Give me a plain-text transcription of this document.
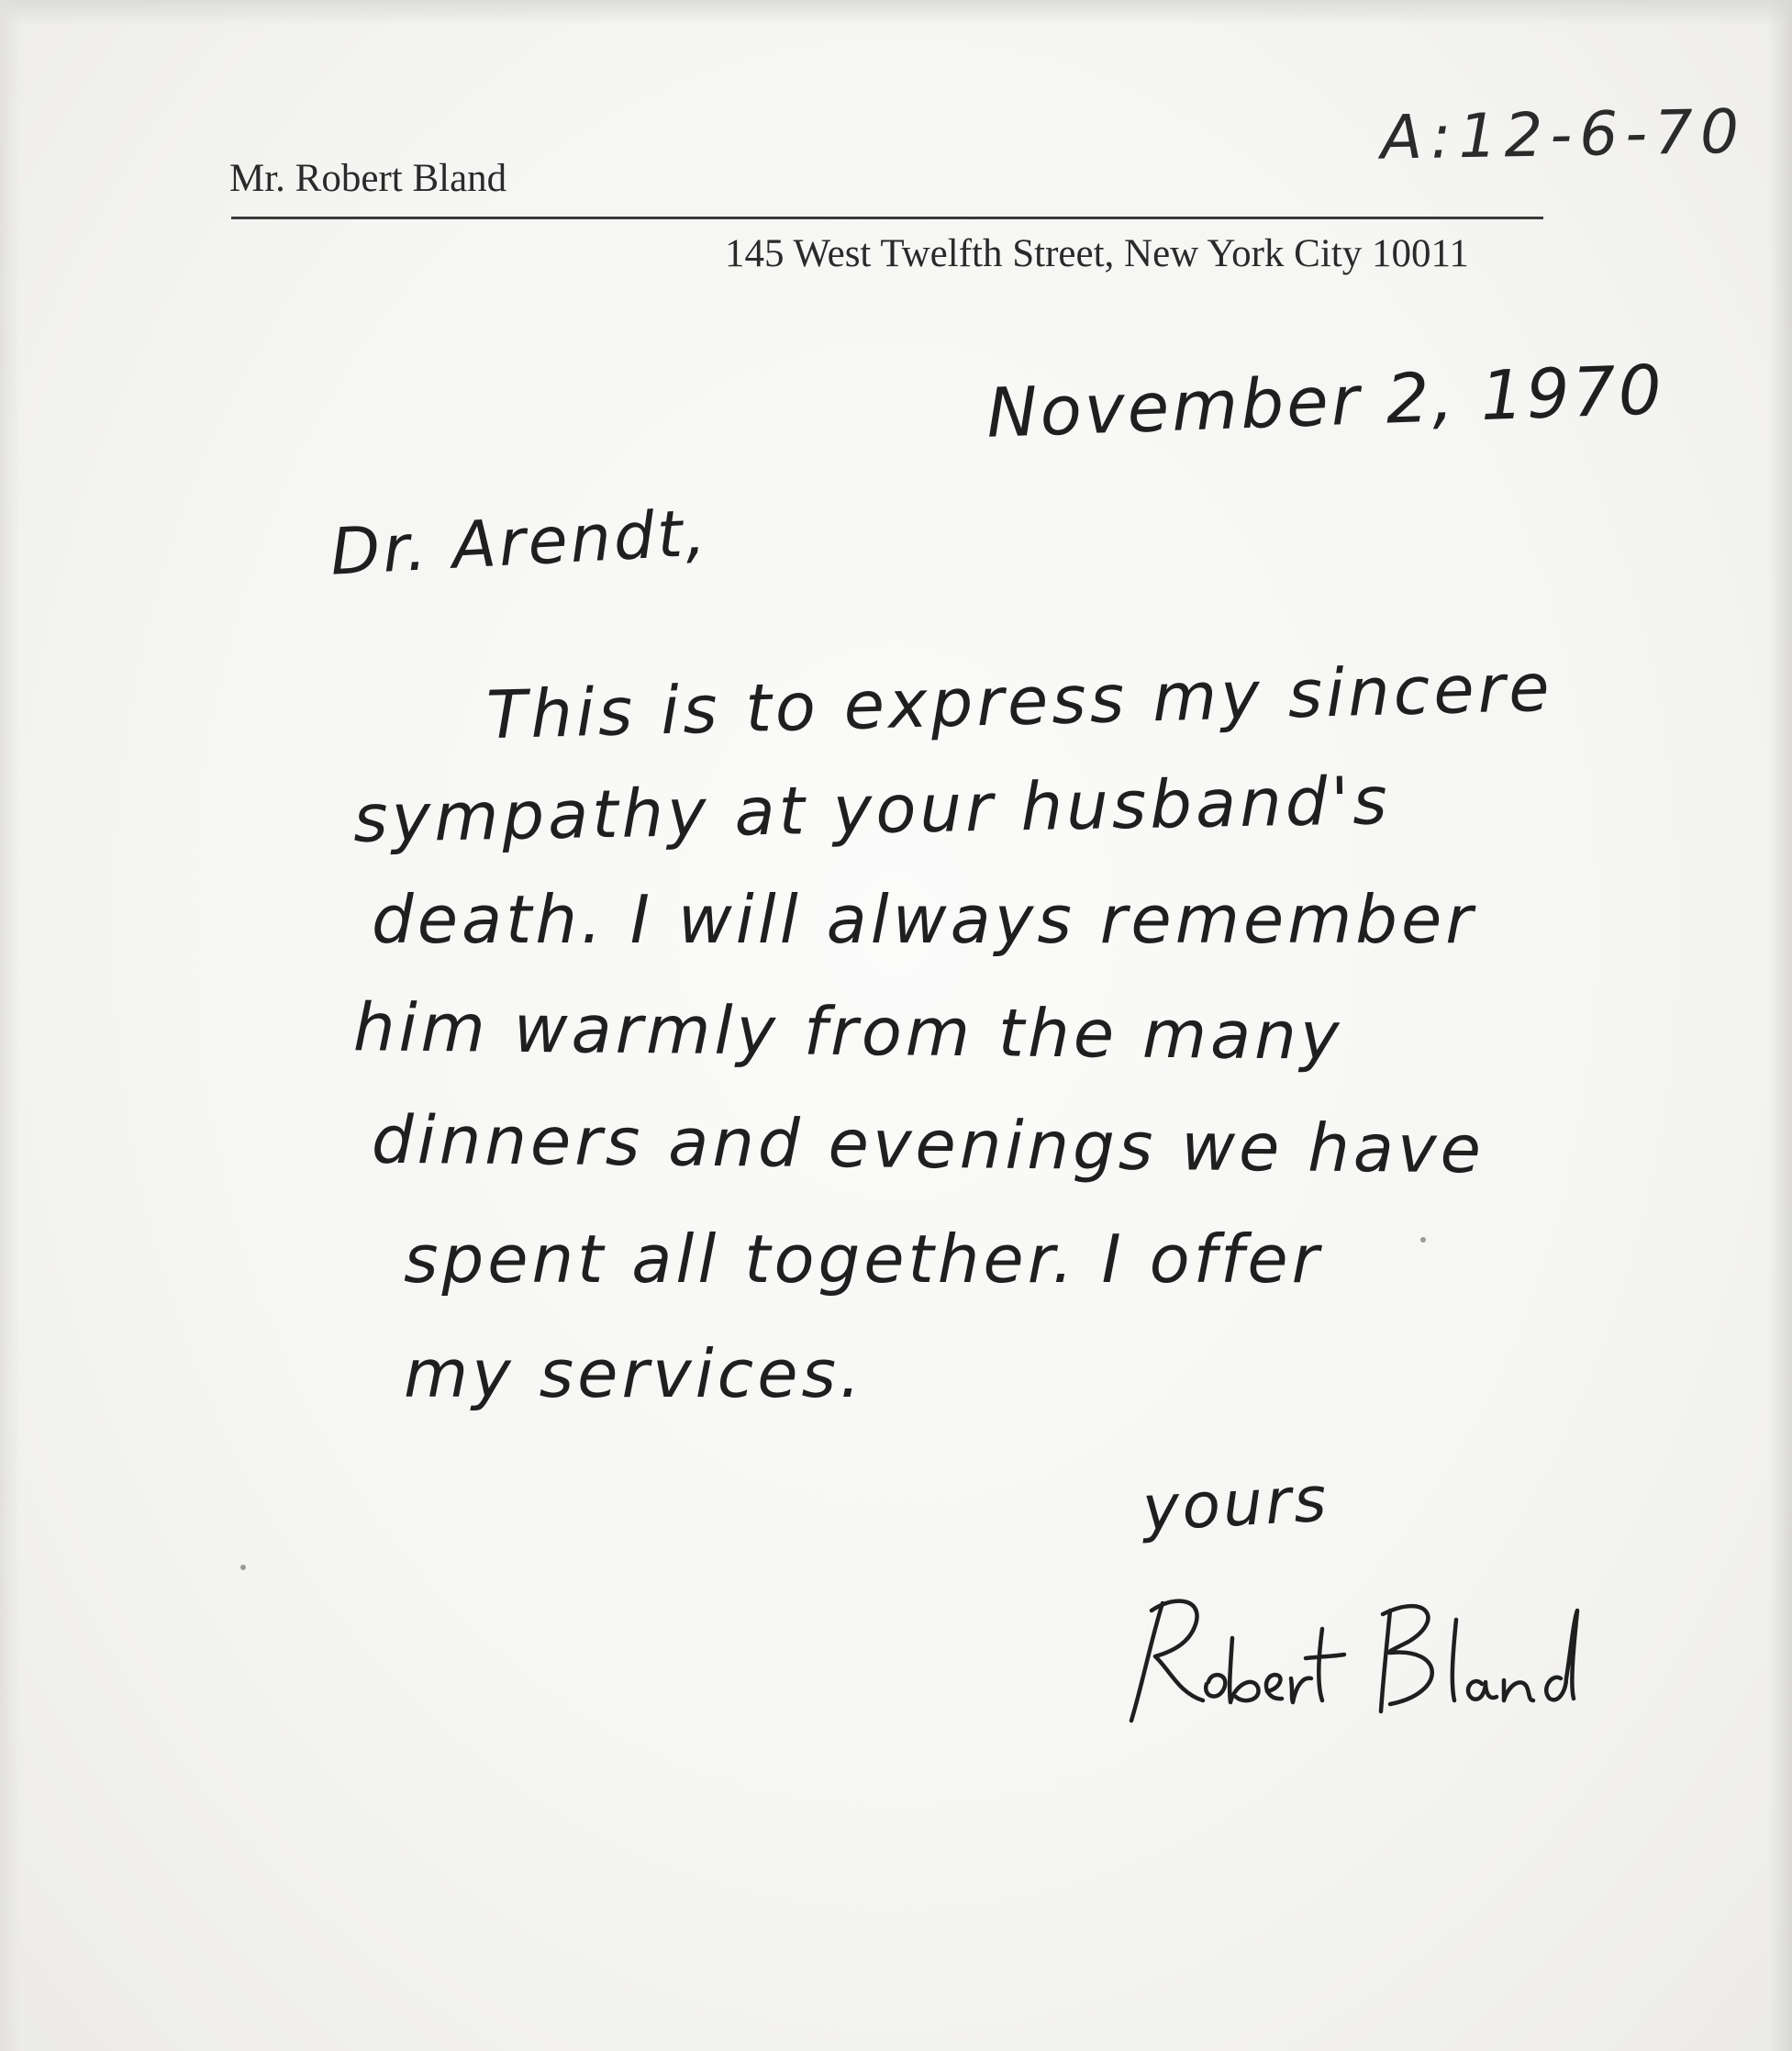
A:12-6-70
Mr. Robert Bland
145 West Twelfth Street, New York City 10011
November 2, 1970
Dr. Arendt,
This is to express my sincere
sympathy at your husband's
death. I will always remember
him warmly from the many
dinners and evenings we have
spent all together. I offer
my services.
yours
